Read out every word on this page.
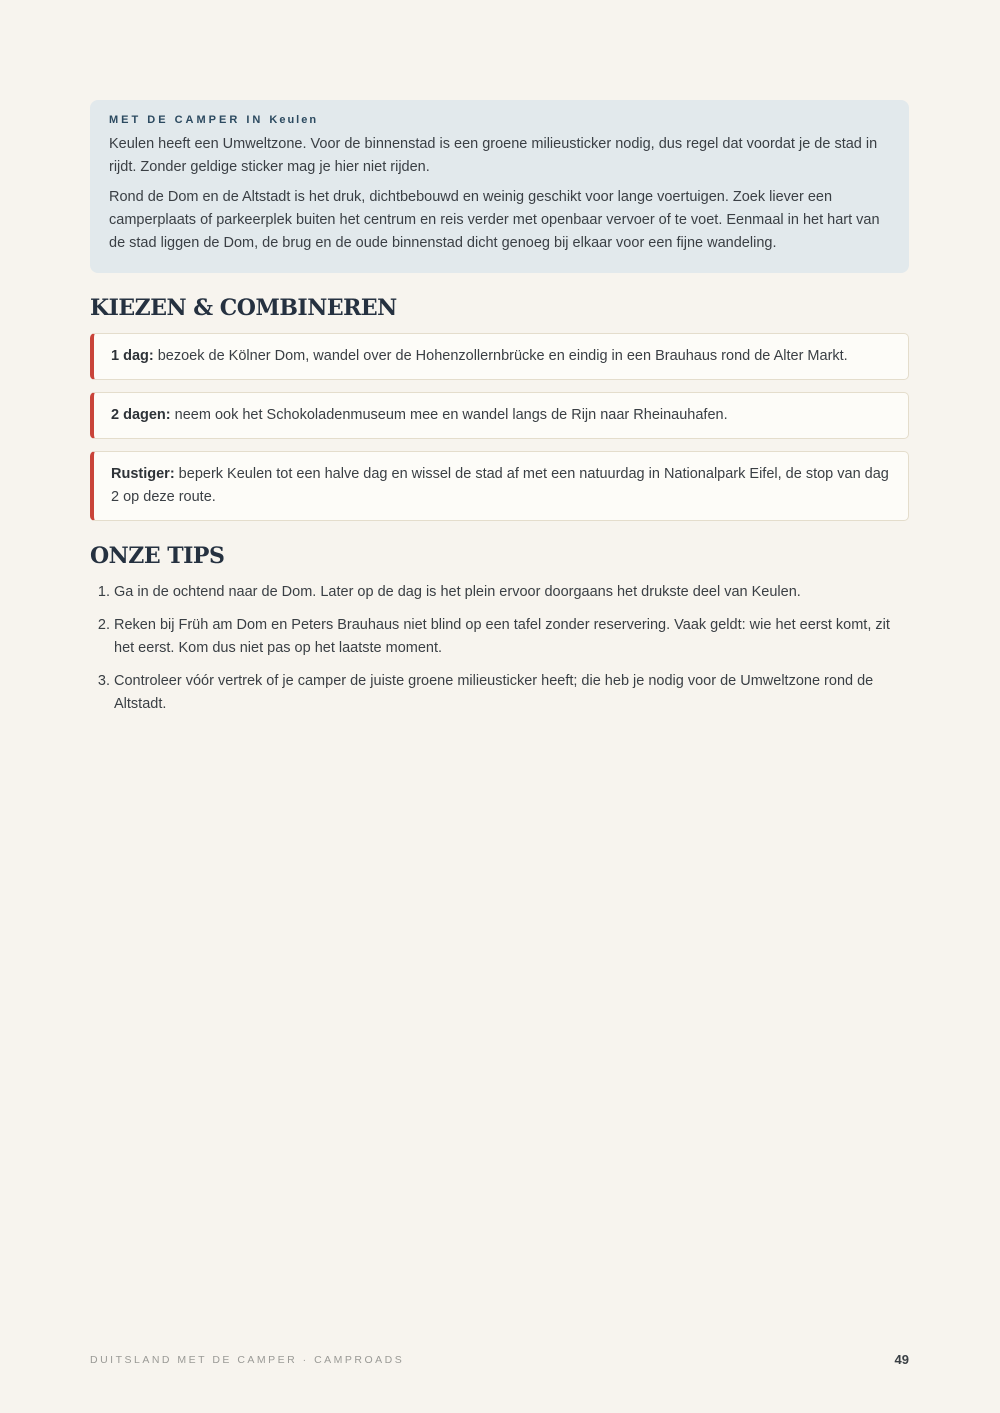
MET DE CAMPER IN Keulen

Keulen heeft een Umweltzone. Voor de binnenstad is een groene milieusticker nodig, dus regel dat voordat je de stad in rijdt. Zonder geldige sticker mag je hier niet rijden.

Rond de Dom en de Altstadt is het druk, dichtbebouwd en weinig geschikt voor lange voertuigen. Zoek liever een camperplaats of parkeerplek buiten het centrum en reis verder met openbaar vervoer of te voet. Eenmaal in het hart van de stad liggen de Dom, de brug en de oude binnenstad dicht genoeg bij elkaar voor een fijne wandeling.

KIEZEN & COMBINEREN
1 dag: bezoek de Kölner Dom, wandel over de Hohenzollernbrücke en eindig in een Brauhaus rond de Alter Markt.
2 dagen: neem ook het Schokoladenmuseum mee en wandel langs de Rijn naar Rheinauhafen.
Rustiger: beperk Keulen tot een halve dag en wissel de stad af met een natuurdag in Nationalpark Eifel, de stop van dag 2 op deze route.
ONZE TIPS
1. Ga in de ochtend naar de Dom. Later op de dag is het plein ervoor doorgaans het drukste deel van Keulen.
2. Reken bij Früh am Dom en Peters Brauhaus niet blind op een tafel zonder reservering. Vaak geldt: wie het eerst komt, zit het eerst. Kom dus niet pas op het laatste moment.
3. Controleer vóór vertrek of je camper de juiste groene milieusticker heeft; die heb je nodig voor de Umweltzone rond de Altstadt.
DUITSLAND MET DE CAMPER · CAMPROADS	49
